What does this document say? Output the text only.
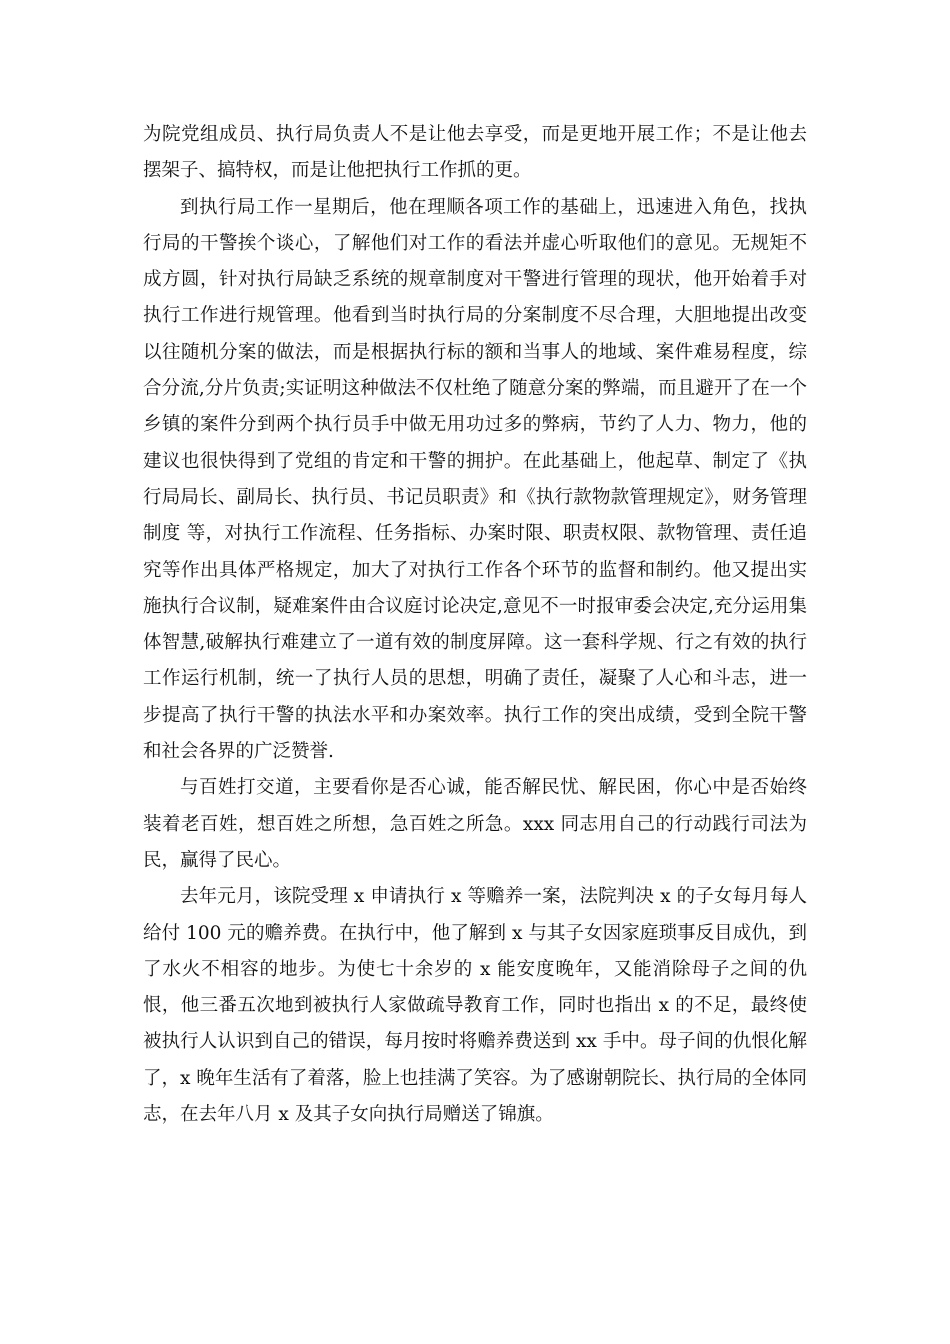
为院党组成员、执行局负责人不是让他去享受，而是更地开展工作；不是让他去摆架子、搞特权，而是让他把执行工作抓的更。

到执行局工作一星期后，他在理顺各项工作的基础上，迅速进入角色，找执行局的干警挨个谈心，了解他们对工作的看法并虚心听取他们的意见。无规矩不成方圆，针对执行局缺乏系统的规章制度对干警进行管理的现状，他开始着手对执行工作进行规管理。他看到当时执行局的分案制度不尽合理，大胆地提出改变以往随机分案的做法，而是根据执行标的额和当事人的地域、案件难易程度，综合分流,分片负责;实证明这种做法不仅杜绝了随意分案的弊端，而且避开了在一个乡镇的案件分到两个执行员手中做无用功过多的弊病，节约了人力、物力，他的建议也很快得到了党组的肯定和干警的拥护。在此基础上，他起草、制定了《执行局局长、副局长、执行员、书记员职责》和《执行款物款管理规定》，财务管理制度 等，对执行工作流程、任务指标、办案时限、职责权限、款物管理、责任追究等作出具体严格规定，加大了对执行工作各个环节的监督和制约。他又提出实施执行合议制，疑难案件由合议庭讨论决定,意见不一时报审委会决定,充分运用集体智慧,破解执行难建立了一道有效的制度屏障。这一套科学规、行之有效的执行工作运行机制，统一了执行人员的思想，明确了责任，凝聚了人心和斗志，进一步提高了执行干警的执法水平和办案效率。执行工作的突出成绩，受到全院干警和社会各界的广泛赞誉.

与百姓打交道，主要看你是否心诚，能否解民忧、解民困，你心中是否始终装着老百姓，想百姓之所想，急百姓之所急。xxx 同志用自己的行动践行司法为民，赢得了民心。

去年元月，该院受理 x 申请执行 x 等赡养一案，法院判决 x 的子女每月每人给付 100 元的赡养费。在执行中，他了解到 x 与其子女因家庭琐事反目成仇，到了水火不相容的地步。为使七十余岁的 x 能安度晚年，又能消除母子之间的仇恨，他三番五次地到被执行人家做疏导教育工作，同时也指出 x 的不足，最终使被执行人认识到自己的错误，每月按时将赡养费送到 xx 手中。母子间的仇恨化解了，x 晚年生活有了着落，脸上也挂满了笑容。为了感谢朝院长、执行局的全体同志，在去年八月 x 及其子女向执行局赠送了锦旗。
